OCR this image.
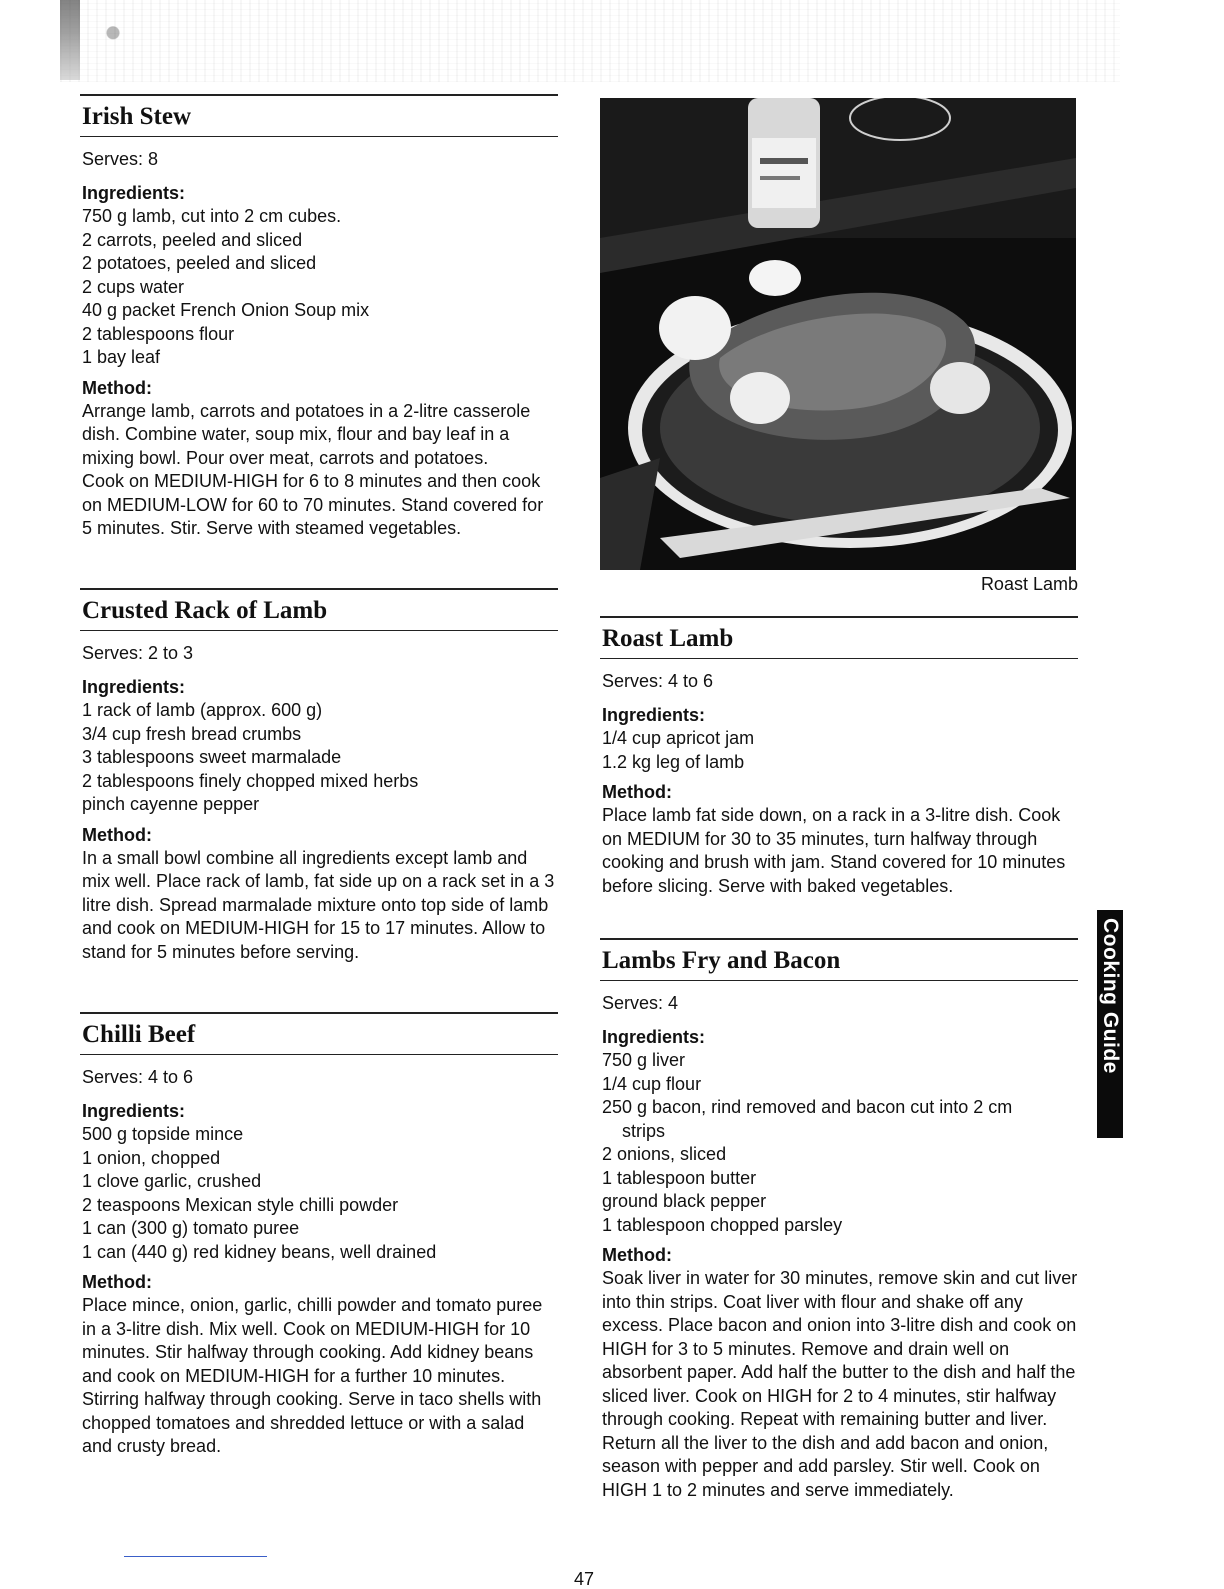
Irish Stew
Serves: 8
Ingredients:
750 g lamb, cut into 2 cm cubes.
2 carrots, peeled and sliced
2 potatoes, peeled and sliced
2 cups water
40 g packet French Onion Soup mix
2 tablespoons flour
1 bay leaf
Method:
Arrange lamb, carrots and potatoes in a 2-litre casserole dish. Combine water, soup mix, flour and bay leaf in a mixing bowl. Pour over meat, carrots and potatoes.
Cook on MEDIUM-HIGH for 6 to 8 minutes and then cook on MEDIUM-LOW for 60 to 70 minutes. Stand covered for 5 minutes. Stir. Serve with steamed vegetables.
Crusted Rack of Lamb
Serves: 2 to 3
Ingredients:
1 rack of lamb (approx. 600 g)
3/4 cup fresh bread crumbs
3 tablespoons sweet marmalade
2 tablespoons finely chopped mixed herbs
pinch cayenne pepper
Method:
In a small bowl combine all ingredients except lamb and mix well. Place rack of lamb, fat side up on a rack set in a 3 litre dish. Spread marmalade mixture onto top side of lamb and cook on MEDIUM-HIGH for 15 to 17 minutes. Allow to stand for 5 minutes before serving.
Chilli Beef
Serves: 4 to 6
Ingredients:
500 g topside mince
1 onion, chopped
1 clove garlic, crushed
2 teaspoons Mexican style chilli powder
1 can (300 g) tomato puree
1 can (440 g) red kidney beans, well drained
Method:
Place mince, onion, garlic, chilli powder and tomato puree in a 3-litre dish. Mix well. Cook on MEDIUM-HIGH for 10 minutes. Stir halfway through cooking. Add kidney beans and cook on MEDIUM-HIGH for a further 10 minutes. Stirring halfway through cooking. Serve in taco shells with chopped tomatoes and shredded lettuce or with a salad and crusty bread.
Roast Lamb
Roast Lamb
Serves: 4 to 6
Ingredients:
1/4 cup apricot jam
1.2 kg leg of lamb
Method:
Place lamb fat side down, on a rack in a 3-litre dish. Cook on MEDIUM for 30 to 35 minutes, turn halfway through cooking and brush with jam. Stand covered for 10 minutes before slicing. Serve with baked vegetables.
Lambs Fry and Bacon
Serves: 4
Ingredients:
750 g liver
1/4 cup flour
250 g bacon, rind removed and bacon cut into 2 cm
strips
2 onions, sliced
1 tablespoon butter
ground black pepper
1 tablespoon chopped parsley
Method:
Soak liver in water for 30 minutes, remove skin and cut liver into thin strips. Coat liver with flour and shake off any excess. Place bacon and onion into 3-litre dish and cook on HIGH for 3 to 5 minutes. Remove and drain well on absorbent paper. Add half the butter to the dish and half the sliced liver. Cook on HIGH for 2 to 4 minutes, stir halfway through cooking. Repeat with remaining butter and liver. Return all the liver to the dish and add bacon and onion, season with pepper and add parsley. Stir well. Cook on HIGH 1 to 2 minutes and serve immediately.
Cooking Guide
47
